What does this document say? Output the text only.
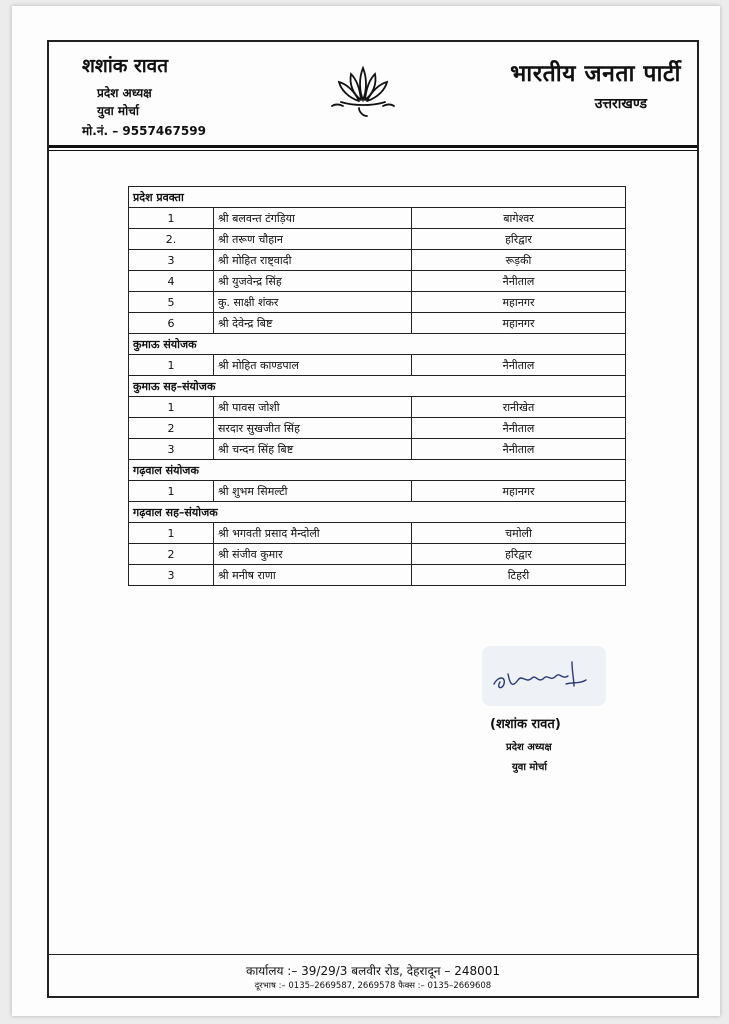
शशांक रावत
प्रदेश अध्यक्ष
युवा मोर्चा
मो.नं. – 9557467599
भारतीय जनता पार्टी
उत्तराखण्ड
प्रदेश प्रवक्ता		
1	श्री बलवन्त टंगड़िया	बागेश्वर
2.	श्री तरूण चौहान	हरिद्वार
3	श्री मोहित राष्ट्वादी	रूड़की
4	श्री युजवेन्द्र सिंह	नैनीताल
5	कु. साक्षी शंकर	महानगर
6	श्री देवेन्द्र बिष्ट	महानगर
कुमाऊ संयोजक		
1	श्री मोहित काण्डपाल	नैनीताल
कुमाऊ सह–संयोजक		
1	श्री पावस जोशी	रानीखेत
2	सरदार सुखजीत सिंह	नैनीताल
3	श्री चन्दन सिंह बिष्ट	नैनीताल
गढ़वाल संयोजक		
1	श्री शुभम सिमल्टी	महानगर
गढ़वाल सह–संयोजक		
1	श्री भगवती प्रसाद मैन्दोली	चमोली
2	श्री संजीव कुमार	हरिद्वार
3	श्री मनीष राणा	टिहरी
कार्यालय :– 39/29/3 बलवीर रोड, देहरादून – 248001
दूरभाष :– 0135–2669587, 2669578 फैक्स :– 0135–2669608
(शशांक रावत)
प्रदेश अध्यक्ष
युवा मोर्चा
